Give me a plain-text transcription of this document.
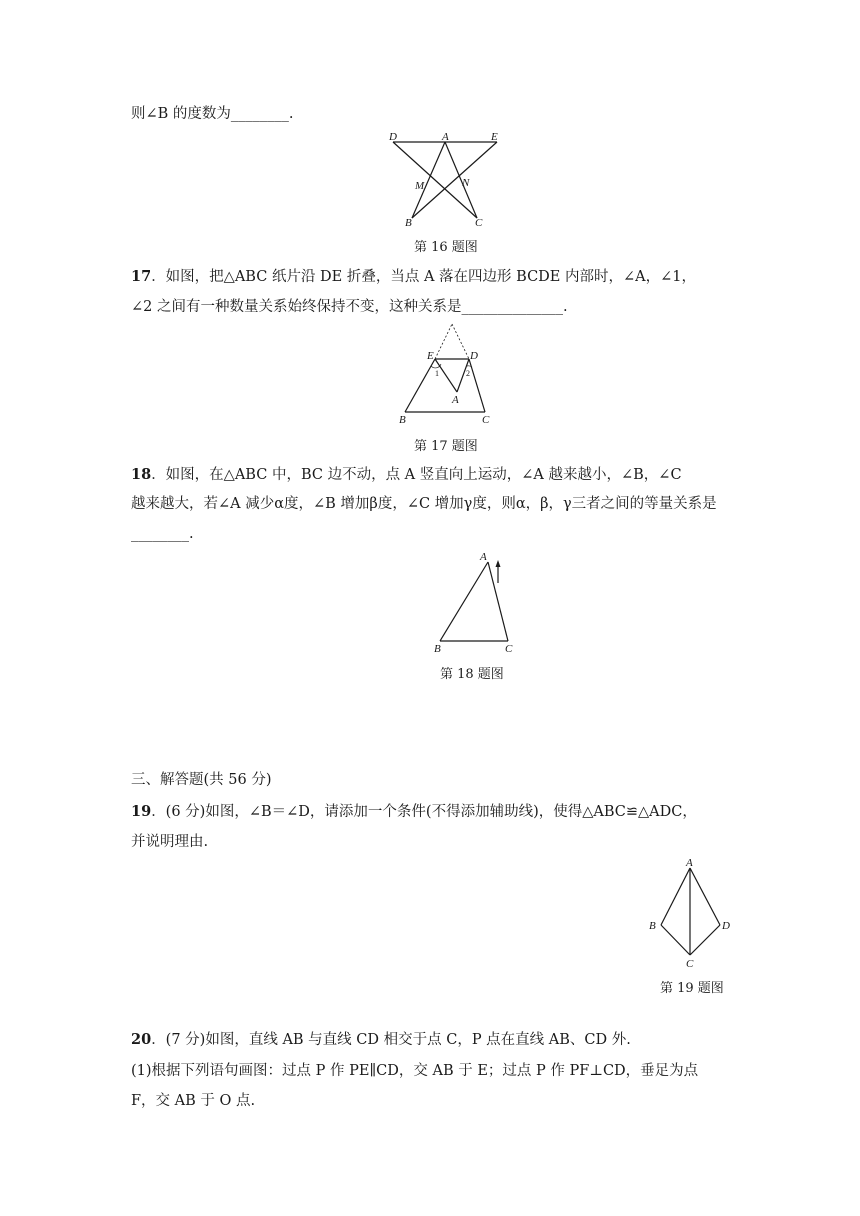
则∠B 的度数为________.
D	A	E
M	N
B	C
第 16 题图
17．如图，把△ABC 纸片沿 DE 折叠，当点 A 落在四边形 BCDE 内部时，∠A，∠1，
∠2 之间有一种数量关系始终保持不变，这种关系是______________.
E	D
1	2
A
B	C
第 17 题图
18．如图，在△ABC 中，BC 边不动，点 A 竖直向上运动，∠A 越来越小，∠B，∠C
越来越大，若∠A 减少α度，∠B 增加β度，∠C 增加γ度，则α，β，γ三者之间的等量关系是
________.
A
B	C
第 18 题图
三、解答题(共 56 分)
19．(6 分)如图，∠B＝∠D，请添加一个条件(不得添加辅助线)，使得△ABC≌△ADC，
并说明理由.
A
B	D
C
第 19 题图
20．(7 分)如图，直线 AB 与直线 CD 相交于点 C，P 点在直线 AB、CD 外.
(1)根据下列语句画图：过点 P 作 PE∥CD，交 AB 于 E；过点 P 作 PF⊥CD，垂足为点
F，交 AB 于 O 点.
